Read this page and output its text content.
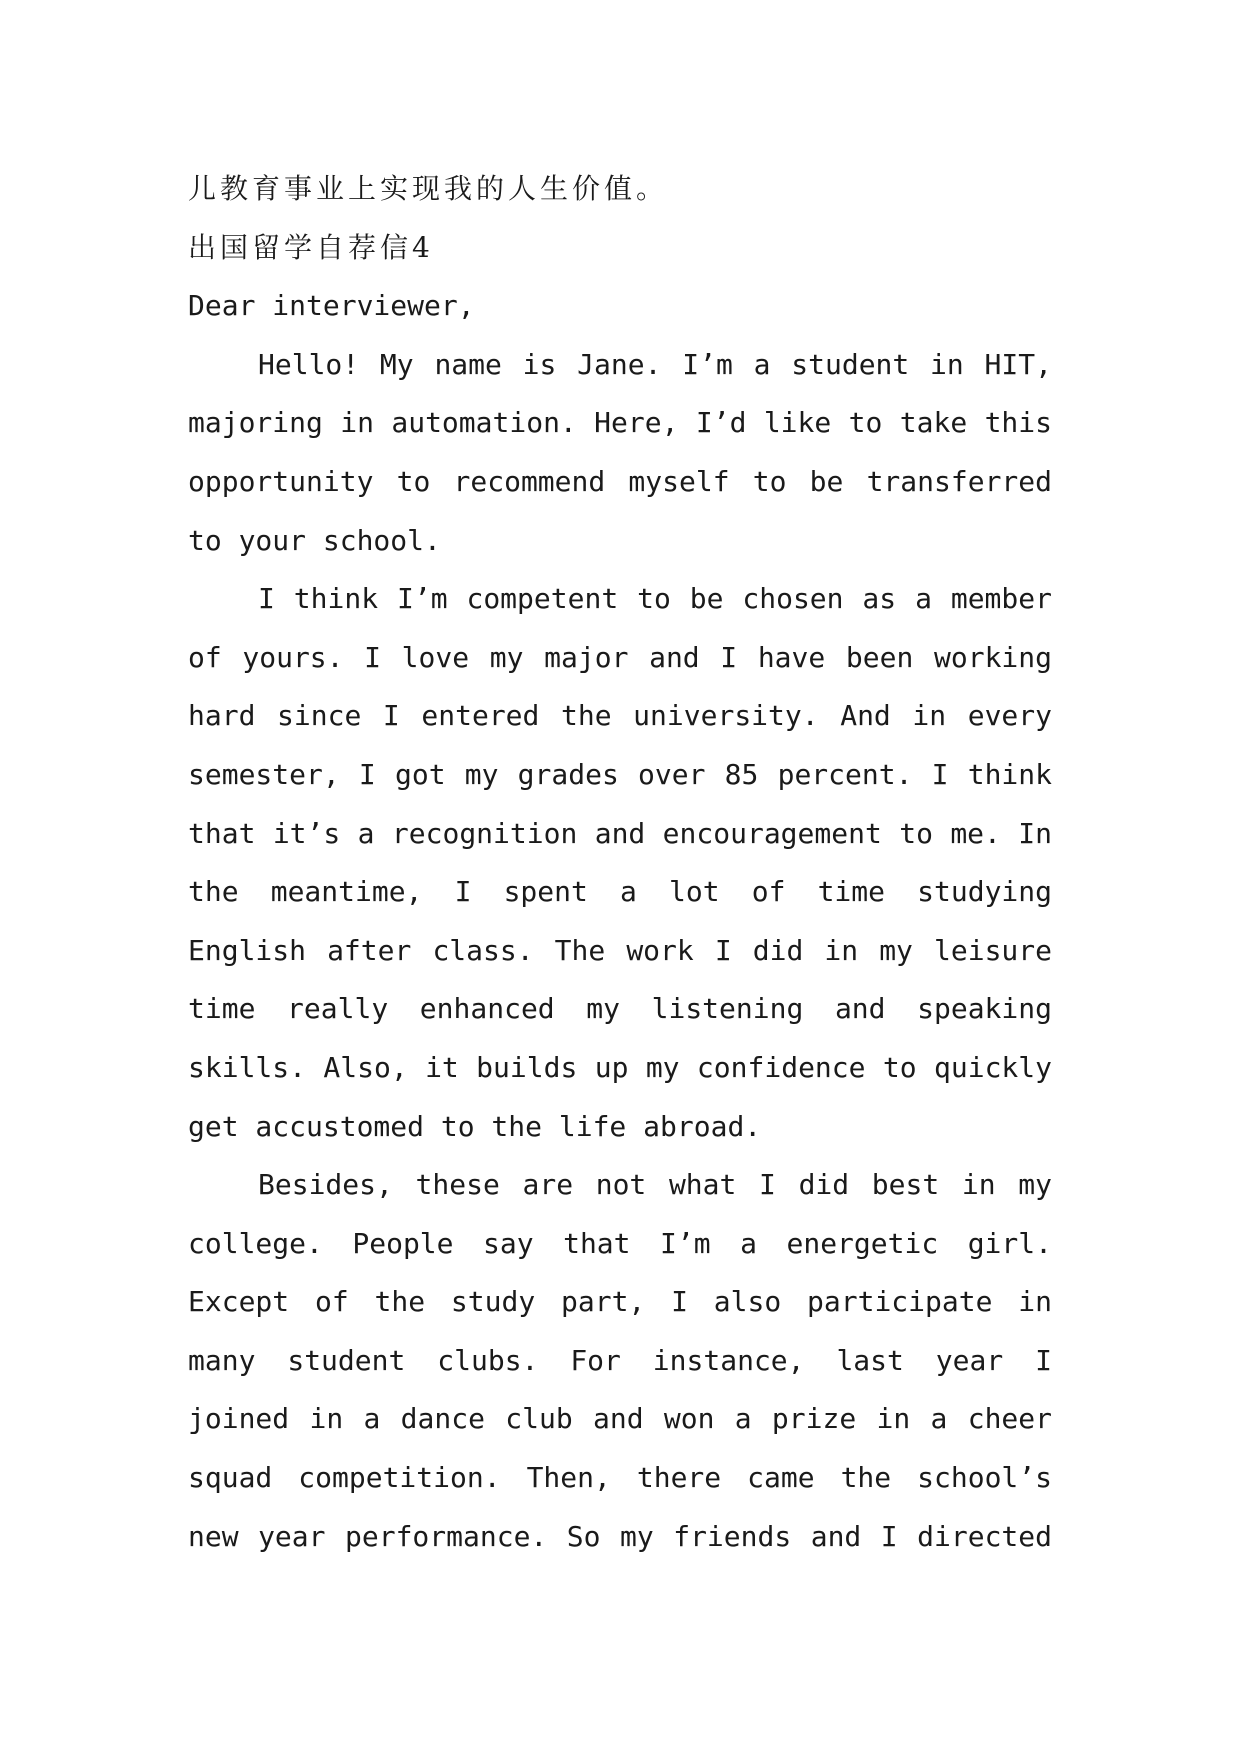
儿教育事业上实现我的人生价值。
出国留学自荐信4
Dear interviewer,
Hello! My name is Jane. I’m a student in HIT,
majoring in automation. Here, I’d like to take this
opportunity to recommend myself to be transferred
to your school.
I think I’m competent to be chosen as a member
of yours. I love my major and I have been working
hard since I entered the university. And in every
semester, I got my grades over 85 percent. I think
that it’s a recognition and encouragement to me. In
the meantime, I spent a lot of time studying
English after class. The work I did in my leisure
time really enhanced my listening and speaking
skills. Also, it builds up my confidence to quickly
get accustomed to the life abroad.
Besides, these are not what I did best in my
college. People say that I’m a energetic girl.
Except of the study part, I also participate in
many student clubs. For instance, last year I
joined in a dance club and won a prize in a cheer
squad competition. Then, there came the school’s
new year performance. So my friends and I directed
